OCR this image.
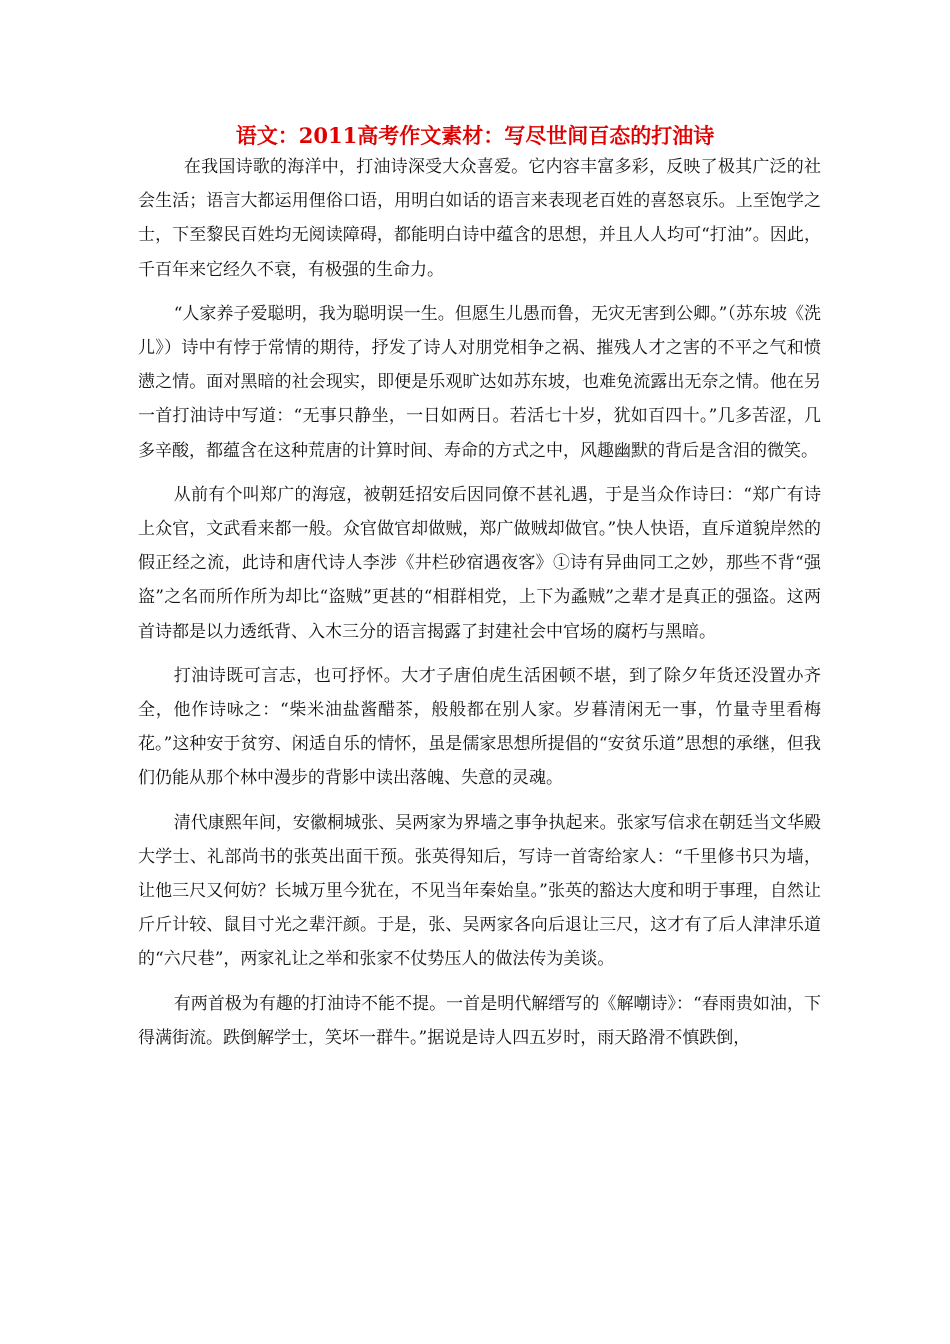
语文：2011高考作文素材：写尽世间百态的打油诗

在我国诗歌的海洋中，打油诗深受大众喜爱。它内容丰富多彩，反映了极其广泛的社会生活；语言大都运用俚俗口语，用明白如话的语言来表现老百姓的喜怒哀乐。上至饱学之士，下至黎民百姓均无阅读障碍，都能明白诗中蕴含的思想，并且人人均可“打油”。因此，千百年来它经久不衰，有极强的生命力。

“人家养子爱聪明，我为聪明误一生。但愿生儿愚而鲁，无灾无害到公卿。”（苏东坡《洗儿》）诗中有悖于常情的期待，抒发了诗人对朋党相争之祸、摧残人才之害的不平之气和愤懑之情。面对黑暗的社会现实，即便是乐观旷达如苏东坡，也难免流露出无奈之情。他在另一首打油诗中写道：“无事只静坐，一日如两日。若活七十岁，犹如百四十。”几多苦涩，几多辛酸，都蕴含在这种荒唐的计算时间、寿命的方式之中，风趣幽默的背后是含泪的微笑。

从前有个叫郑广的海寇，被朝廷招安后因同僚不甚礼遇，于是当众作诗曰：“郑广有诗上众官，文武看来都一般。众官做官却做贼，郑广做贼却做官。”快人快语，直斥道貌岸然的假正经之流，此诗和唐代诗人李涉《井栏砂宿遇夜客》①诗有异曲同工之妙，那些不背“强盗”之名而所作所为却比“盗贼”更甚的“相群相党，上下为蟊贼”之辈才是真正的强盗。这两首诗都是以力透纸背、入木三分的语言揭露了封建社会中官场的腐朽与黑暗。

打油诗既可言志，也可抒怀。大才子唐伯虎生活困顿不堪，到了除夕年货还没置办齐全，他作诗咏之：“柴米油盐酱醋茶，般般都在别人家。岁暮清闲无一事，竹量寺里看梅花。”这种安于贫穷、闲适自乐的情怀，虽是儒家思想所提倡的“安贫乐道”思想的承继，但我们仍能从那个林中漫步的背影中读出落魄、失意的灵魂。

清代康熙年间，安徽桐城张、吴两家为界墙之事争执起来。张家写信求在朝廷当文华殿大学士、礼部尚书的张英出面干预。张英得知后，写诗一首寄给家人：“千里修书只为墙，让他三尺又何妨？长城万里今犹在，不见当年秦始皇。”张英的豁达大度和明于事理，自然让斤斤计较、鼠目寸光之辈汗颜。于是，张、吴两家各向后退让三尺，这才有了后人津津乐道的“六尺巷”，两家礼让之举和张家不仗势压人的做法传为美谈。

有两首极为有趣的打油诗不能不提。一首是明代解缙写的《解嘲诗》：“春雨贵如油，下得满街流。跌倒解学士，笑坏一群牛。”据说是诗人四五岁时，雨天路滑不慎跌倒，
